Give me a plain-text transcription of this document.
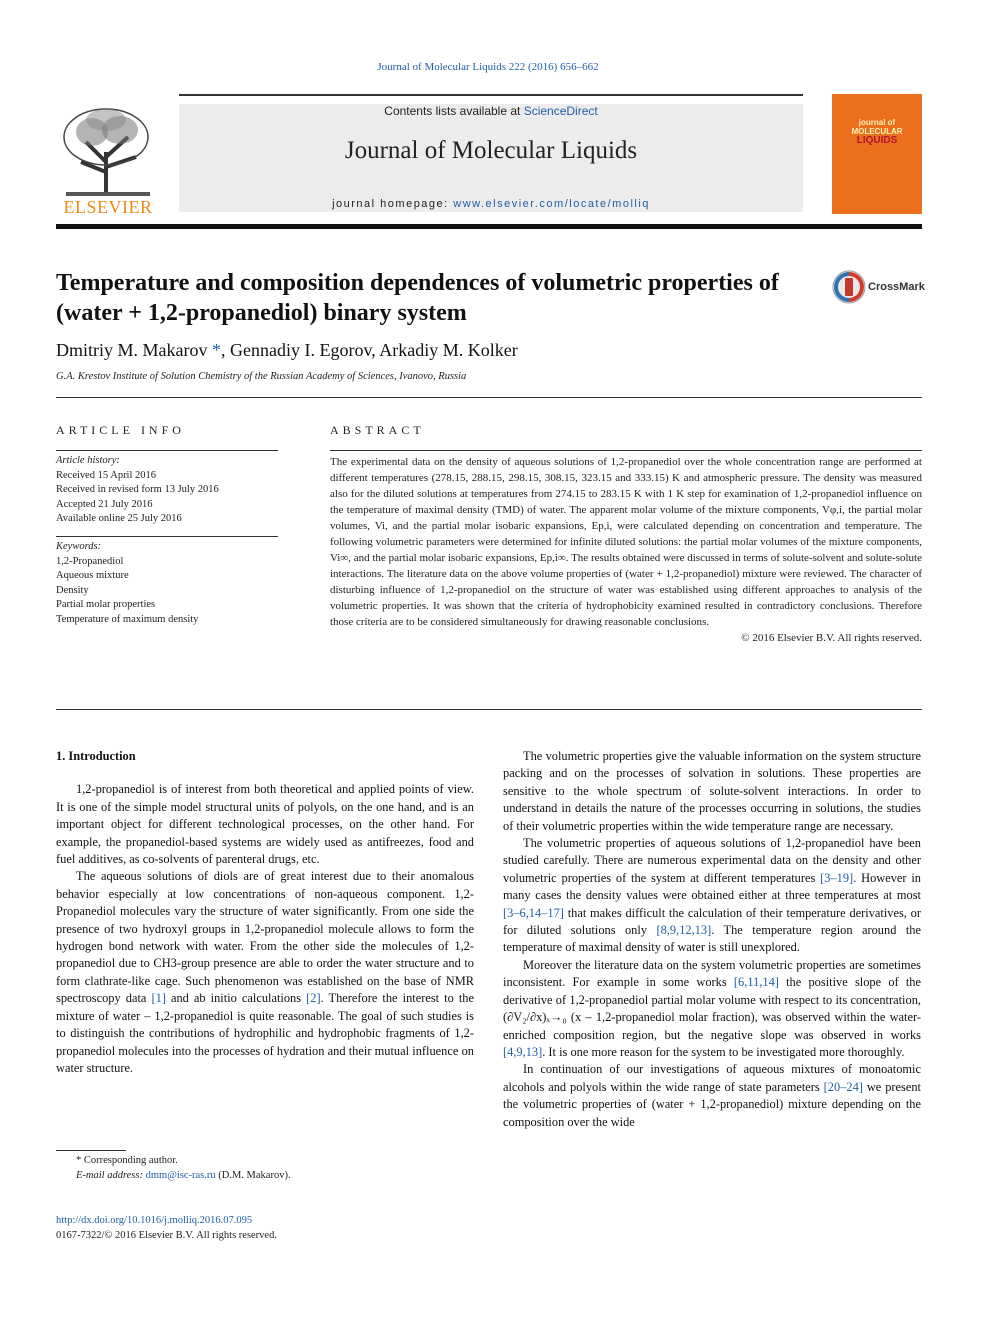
Journal of Molecular Liquids 222 (2016) 656–662
ELSEVIER
Contents lists available at ScienceDirect
Journal of Molecular Liquids
journal homepage: www.elsevier.com/locate/molliq
journal of
MOLECULAR
LIQUIDS
Temperature and composition dependences of volumetric properties of (water + 1,2-propanediol) binary system
CrossMark
Dmitriy M. Makarov *, Gennadiy I. Egorov, Arkadiy M. Kolker
G.A. Krestov Institute of Solution Chemistry of the Russian Academy of Sciences, Ivanovo, Russia
ARTICLE INFO	ABSTRACT
Article history:
Received 15 April 2016
Received in revised form 13 July 2016
Accepted 21 July 2016
Available online 25 July 2016
Keywords:
1,2-Propanediol
Aqueous mixture
Density
Partial molar properties
Temperature of maximum density

The experimental data on the density of aqueous solutions of 1,2-propanediol over the whole concentration range are performed at different temperatures (278.15, 288.15, 298.15, 308.15, 323.15 and 333.15) K and atmospheric pressure. The density was measured also for the diluted solutions at temperatures from 274.15 to 283.15 K with 1 K step for examination of 1,2-propanediol influence on the temperature of maximal density (TMD) of water. The apparent molar volume of the mixture components, Vφ,i, the partial molar volumes, Vi, and the partial molar isobaric expansions, Ep,i, were calculated depending on concentration and temperature. The following volumetric parameters were determined for infinite diluted solutions: the partial molar volumes of the mixture components, Vi∞, and the partial molar isobaric expansions, Ep,i∞. The results obtained were discussed in terms of solute-solvent and solute-solute interactions. The literature data on the above volume properties of (water + 1,2-propanediol) mixture were reviewed. The character of disturbing influence of 1,2-propanediol on the structure of water was established using different approaches to analysis of the volumetric properties. It was shown that the criteria of hydrophobicity examined resulted in contradictory conclusions. Therefore those criteria are to be considered simultaneously for drawing reasonable conclusions.

© 2016 Elsevier B.V. All rights reserved.

1. Introduction

1,2-propanediol is of interest from both theoretical and applied points of view. It is one of the simple model structural units of polyols, on the one hand, and is an important object for different technological processes, on the other hand. For example, the propanediol-based systems are widely used as antifreezes, food and fuel additives, as co-solvents of parenteral drugs, etc.

The aqueous solutions of diols are of great interest due to their anomalous behavior especially at low concentrations of non-aqueous component. 1,2-Propanediol molecules vary the structure of water significantly. From one side the presence of two hydroxyl groups in 1,2-propanediol molecule allows to form the hydrogen bond network with water. From the other side the molecules of 1,2-propanediol due to CH3-group presence are able to order the water structure and to form clathrate-like cage. Such phenomenon was established on the base of NMR spectroscopy data [1] and ab initio calculations [2]. Therefore the interest to the mixture of water – 1,2-propanediol is quite reasonable. The goal of such studies is to distinguish the contributions of hydrophilic and hydrophobic fragments of 1,2-propanediol molecules into the processes of hydration and their mutual influence on water structure.

The volumetric properties give the valuable information on the system structure packing and on the processes of solvation in solutions. These properties are sensitive to the whole spectrum of solute-solvent interactions. In order to understand in details the nature of the processes occurring in solutions, the studies of their volumetric properties within the wide temperature range are necessary.

The volumetric properties of aqueous solutions of 1,2-propanediol have been studied carefully. There are numerous experimental data on the density and other volumetric properties of the system at different temperatures [3–19]. However in many cases the density values were obtained either at three temperatures at most [3–6,14–17] that makes difficult the calculation of their temperature derivatives, or for diluted solutions only [8,9,12,13]. The temperature region around the temperature of maximal density of water is still unexplored.

Moreover the literature data on the system volumetric properties are sometimes inconsistent. For example in some works [6,11,14] the positive slope of the derivative of 1,2-propanediol partial molar volume with respect to its concentration, (∂V₂/∂x)ₓ→₀ (x – 1,2-propanediol molar fraction), was observed within the water-enriched composition region, but the negative slope was observed in works [4,9,13]. It is one more reason for the system to be investigated more thoroughly.

In continuation of our investigations of aqueous mixtures of monoatomic alcohols and polyols within the wide range of state parameters [20–24] we present the volumetric properties of (water + 1,2-propanediol) mixture depending on the composition over the wide

* Corresponding author.
E-mail address: dmm@isc-ras.ru (D.M. Makarov).
http://dx.doi.org/10.1016/j.molliq.2016.07.095
0167-7322/© 2016 Elsevier B.V. All rights reserved.
